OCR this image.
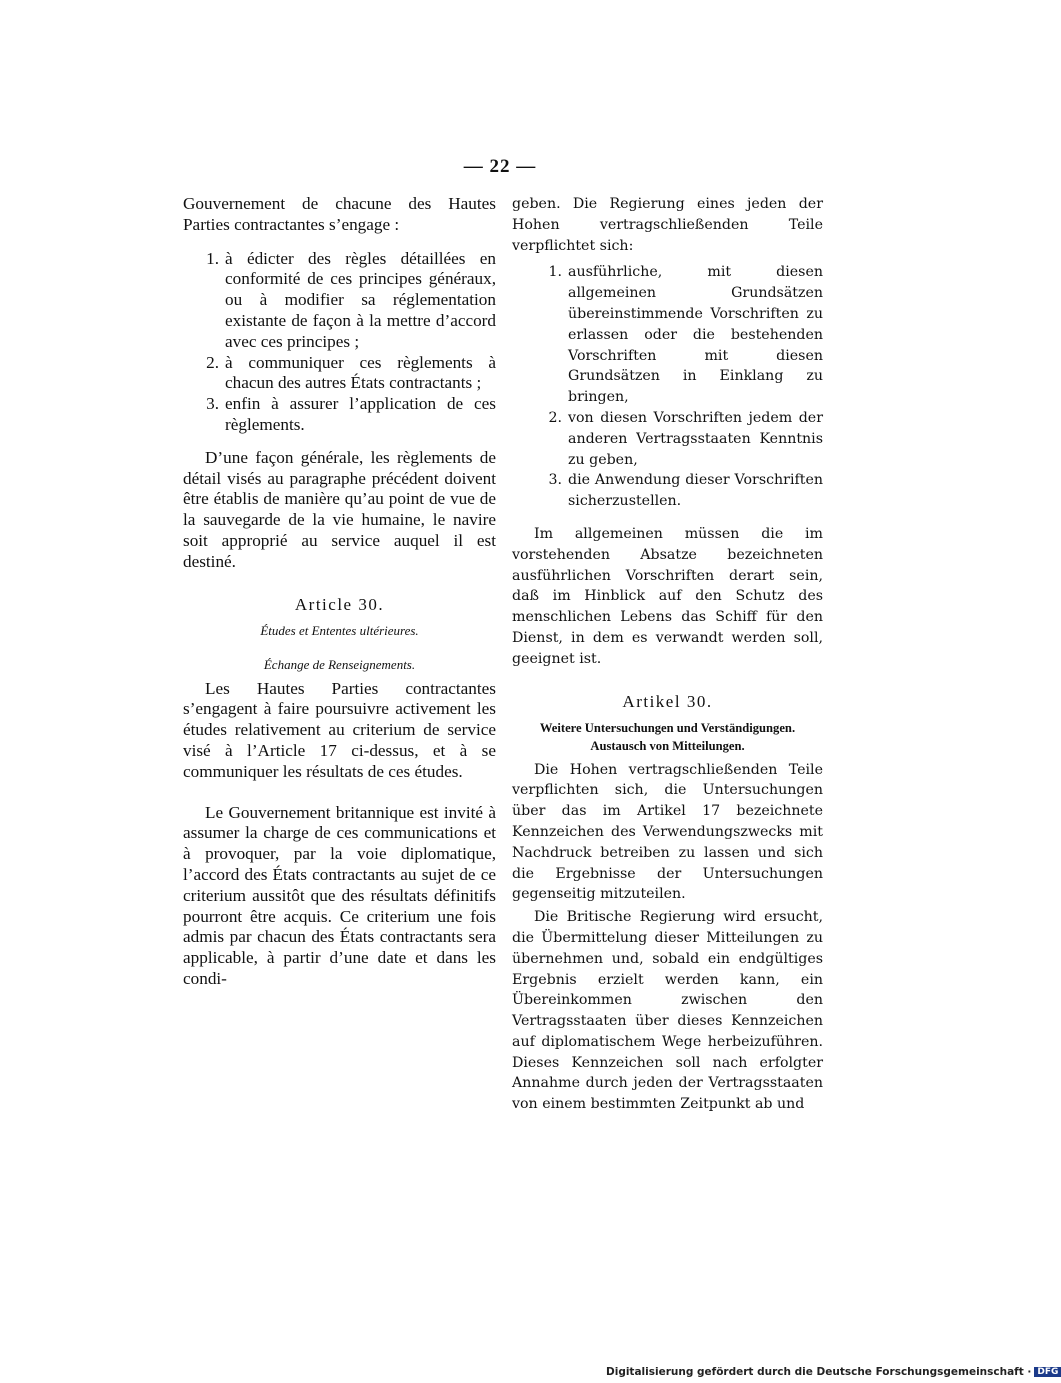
— 22 —

Gouvernement de chacune des Hautes Parties contractantes s’engage :

1. à édicter des règles détaillées en conformité de ces principes généraux, ou à modifier sa réglementation existante de façon à la mettre d’accord avec ces principes ;
2. à communiquer ces règlements à chacun des autres États contractants ;
3. enfin à assurer l’application de ces règlements.

D’une façon générale, les règlements de détail visés au paragraphe précédent doivent être établis de manière qu’au point de vue de la sauvegarde de la vie humaine, le navire soit approprié au service auquel il est destiné.

Article 30.

Études et Ententes ultérieures.

Échange de Renseignements.

Les Hautes Parties contractantes s’engagent à faire poursuivre activement les études relativement au criterium de service visé à l’Article 17 ci-dessus, et à se communiquer les résultats de ces études.

Le Gouvernement britannique est invité à assumer la charge de ces communications et à provoquer, par la voie diplomatique, l’accord des États contractants au sujet de ce criterium aussitôt que des résultats définitifs pourront être acquis. Ce criterium une fois admis par chacun des États contractants sera applicable, à partir d’une date et dans les condi-

geben. Die Regierung eines jeden der Hohen vertragschließenden Teile verpflichtet sich:

1. ausführliche, mit diesen allgemeinen Grundsätzen übereinstimmende Vorschriften zu erlassen oder die bestehenden Vorschriften mit diesen Grundsätzen in Einklang zu bringen,
2. von diesen Vorschriften jedem der anderen Vertragsstaaten Kenntnis zu geben,
3. die Anwendung dieser Vorschriften sicherzustellen.

Im allgemeinen müssen die im vorstehenden Absatze bezeichneten ausführlichen Vorschriften derart sein, daß im Hinblick auf den Schutz des menschlichen Lebens das Schiff für den Dienst, in dem es verwandt werden soll, geeignet ist.

Artikel 30.

Weitere Untersuchungen und Verständigungen.

Austausch von Mitteilungen.

Die Hohen vertragschließenden Teile verpflichten sich, die Untersuchungen über das im Artikel 17 bezeichnete Kennzeichen des Verwendungszwecks mit Nachdruck betreiben zu lassen und sich die Ergebnisse der Untersuchungen gegenseitig mitzuteilen.

Die Britische Regierung wird ersucht, die Übermittelung dieser Mitteilungen zu übernehmen und, sobald ein endgültiges Ergebnis erzielt werden kann, ein Übereinkommen zwischen den Vertragsstaaten über dieses Kennzeichen auf diplomatischem Wege herbeizuführen. Dieses Kennzeichen soll nach erfolgter Annahme durch jeden der Vertragsstaaten von einem bestimmten Zeitpunkt ab und

Digitalisierung gefördert durch die Deutsche Forschungsgemeinschaft · DFG
